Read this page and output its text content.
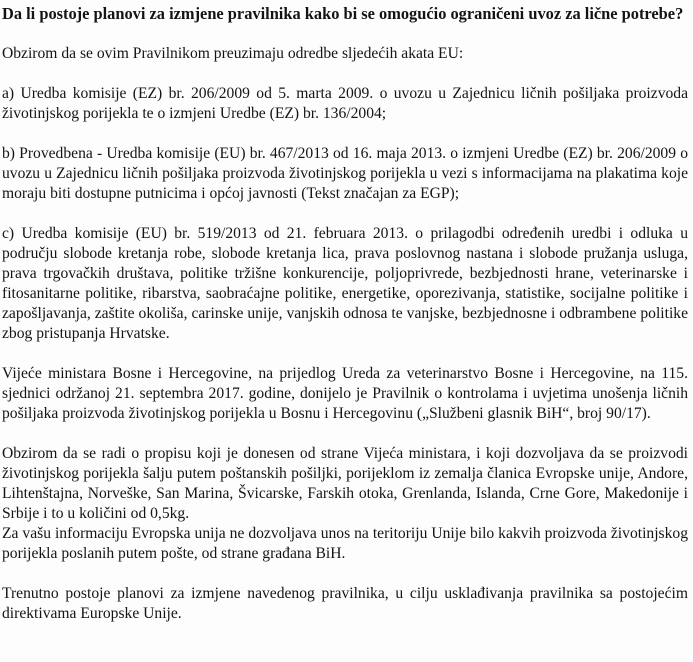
Da li postoje planovi za izmjene pravilnika kako bi se omogućio ograničeni uvoz za lične potrebe?
Obzirom da se ovim Pravilnikom preuzimaju odredbe sljedećih akata EU:
a) Uredba komisije (EZ) br. 206/2009 od 5. marta 2009. o uvozu u Zajednicu ličnih pošiljaka proizvoda životinjskog porijekla te o izmjeni Uredbe (EZ) br. 136/2004;
b) Provedbena - Uredba komisije (EU) br. 467/2013 od 16. maja 2013. o izmjeni Uredbe (EZ) br. 206/2009 o uvozu u Zajednicu ličnih pošiljaka proizvoda životinjskog porijekla u vezi s informacijama na plakatima koje moraju biti dostupne putnicima i općoj javnosti (Tekst značajan za EGP);
c) Uredba komisije (EU) br. 519/2013 od 21. februara 2013. o prilagodbi određenih uredbi i odluka u području slobode kretanja robe, slobode kretanja lica, prava poslovnog nastana i slobode pružanja usluga, prava trgovačkih društava, politike tržišne konkurencije, poljoprivrede, bezbjednosti hrane, veterinarske i fitosanitarne politike, ribarstva, saobraćajne politike, energetike, oporezivanja, statistike, socijalne politike i zapošljavanja, zaštite okoliša, carinske unije, vanjskih odnosa te vanjske, bezbjednosne i odbrambene politike zbog pristupanja Hrvatske.
Vijeće ministara Bosne i Hercegovine, na prijedlog Ureda za veterinarstvo Bosne i Hercegovine, na 115. sjednici održanoj 21. septembra 2017. godine, donijelo je Pravilnik o kontrolama i uvjetima unošenja ličnih pošiljaka proizvoda životinjskog porijekla u Bosnu i Hercegovinu („Službeni glasnik BiH“, broj 90/17).
Obzirom da se radi o propisu koji je donesen od strane Vijeća ministara, i koji dozvoljava da se proizvodi životinjskog porijekla šalju putem poštanskih pošiljki, porijeklom iz zemalja članica Evropske unije, Andore, Lihtenštajna, Norveške, San Marina, Švicarske, Farskih otoka, Grenlanda, Islanda, Crne Gore, Makedonije i Srbije i to u količini od 0,5kg.
Za vašu informaciju Evropska unija ne dozvoljava unos na teritoriju Unije bilo kakvih proizvoda životinjskog porijekla poslanih putem pošte, od strane građana BiH.
Trenutno postoje planovi za izmjene navedenog pravilnika, u cilju usklađivanja pravilnika sa postojećim direktivama Europske Unije.
